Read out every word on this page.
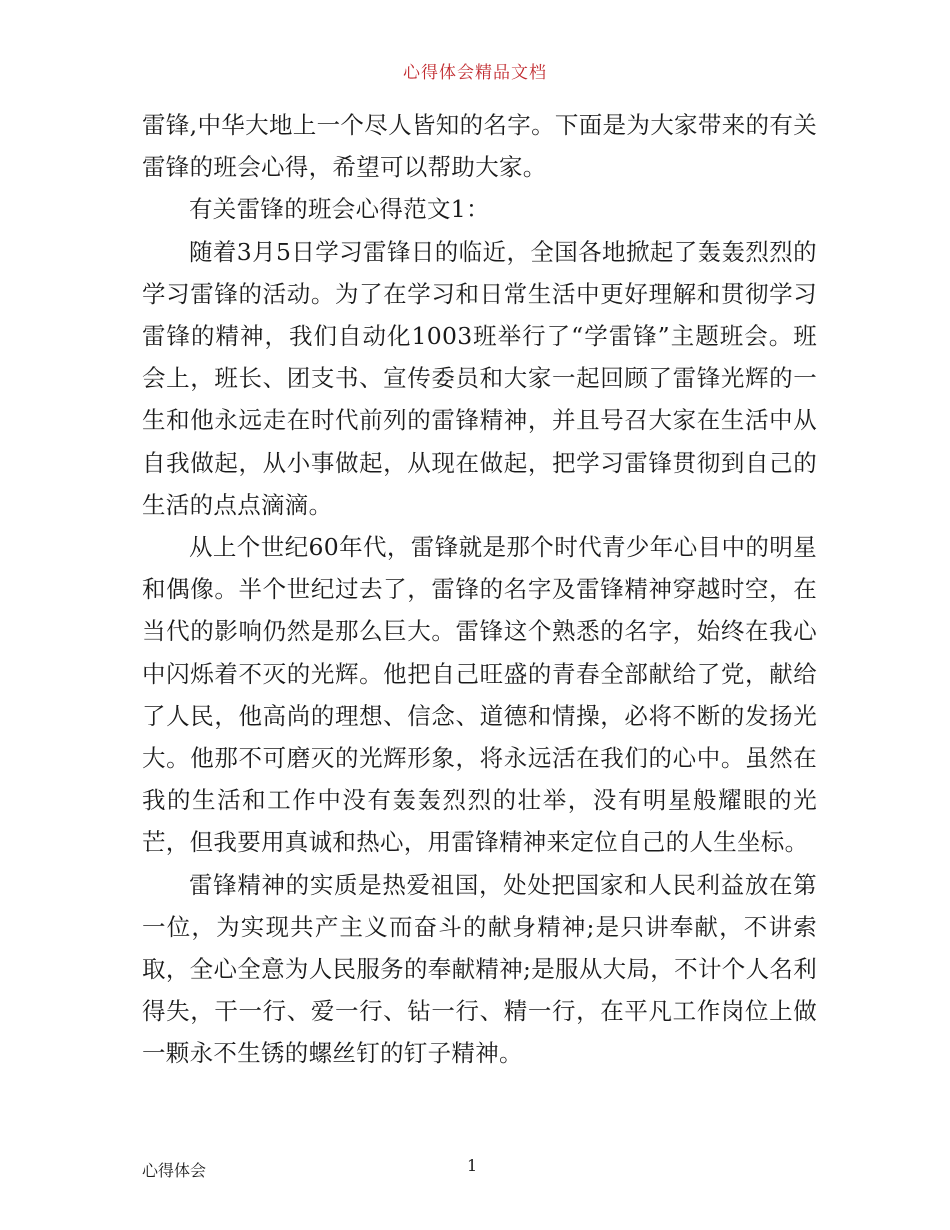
心得体会精品文档

雷锋,中华大地上一个尽人皆知的名字。下面是为大家带来的有关雷锋的班会心得，希望可以帮助大家。

有关雷锋的班会心得范文1：

随着3月5日学习雷锋日的临近，全国各地掀起了轰轰烈烈的学习雷锋的活动。为了在学习和日常生活中更好理解和贯彻学习雷锋的精神，我们自动化1003班举行了“学雷锋”主题班会。班会上，班长、团支书、宣传委员和大家一起回顾了雷锋光辉的一生和他永远走在时代前列的雷锋精神，并且号召大家在生活中从自我做起，从小事做起，从现在做起，把学习雷锋贯彻到自己的生活的点点滴滴。

从上个世纪60年代，雷锋就是那个时代青少年心目中的明星和偶像。半个世纪过去了，雷锋的名字及雷锋精神穿越时空，在当代的影响仍然是那么巨大。雷锋这个熟悉的名字，始终在我心中闪烁着不灭的光辉。他把自己旺盛的青春全部献给了党，献给了人民，他高尚的理想、信念、道德和情操，必将不断的发扬光大。他那不可磨灭的光辉形象，将永远活在我们的心中。虽然在我的生活和工作中没有轰轰烈烈的壮举，没有明星般耀眼的光芒，但我要用真诚和热心，用雷锋精神来定位自己的人生坐标。

雷锋精神的实质是热爱祖国，处处把国家和人民利益放在第一位，为实现共产主义而奋斗的献身精神;是只讲奉献，不讲索取，全心全意为人民服务的奉献精神;是服从大局，不计个人名利得失，干一行、爱一行、钻一行、精一行，在平凡工作岗位上做一颗永不生锈的螺丝钉的钉子精神。

心得体会	1
